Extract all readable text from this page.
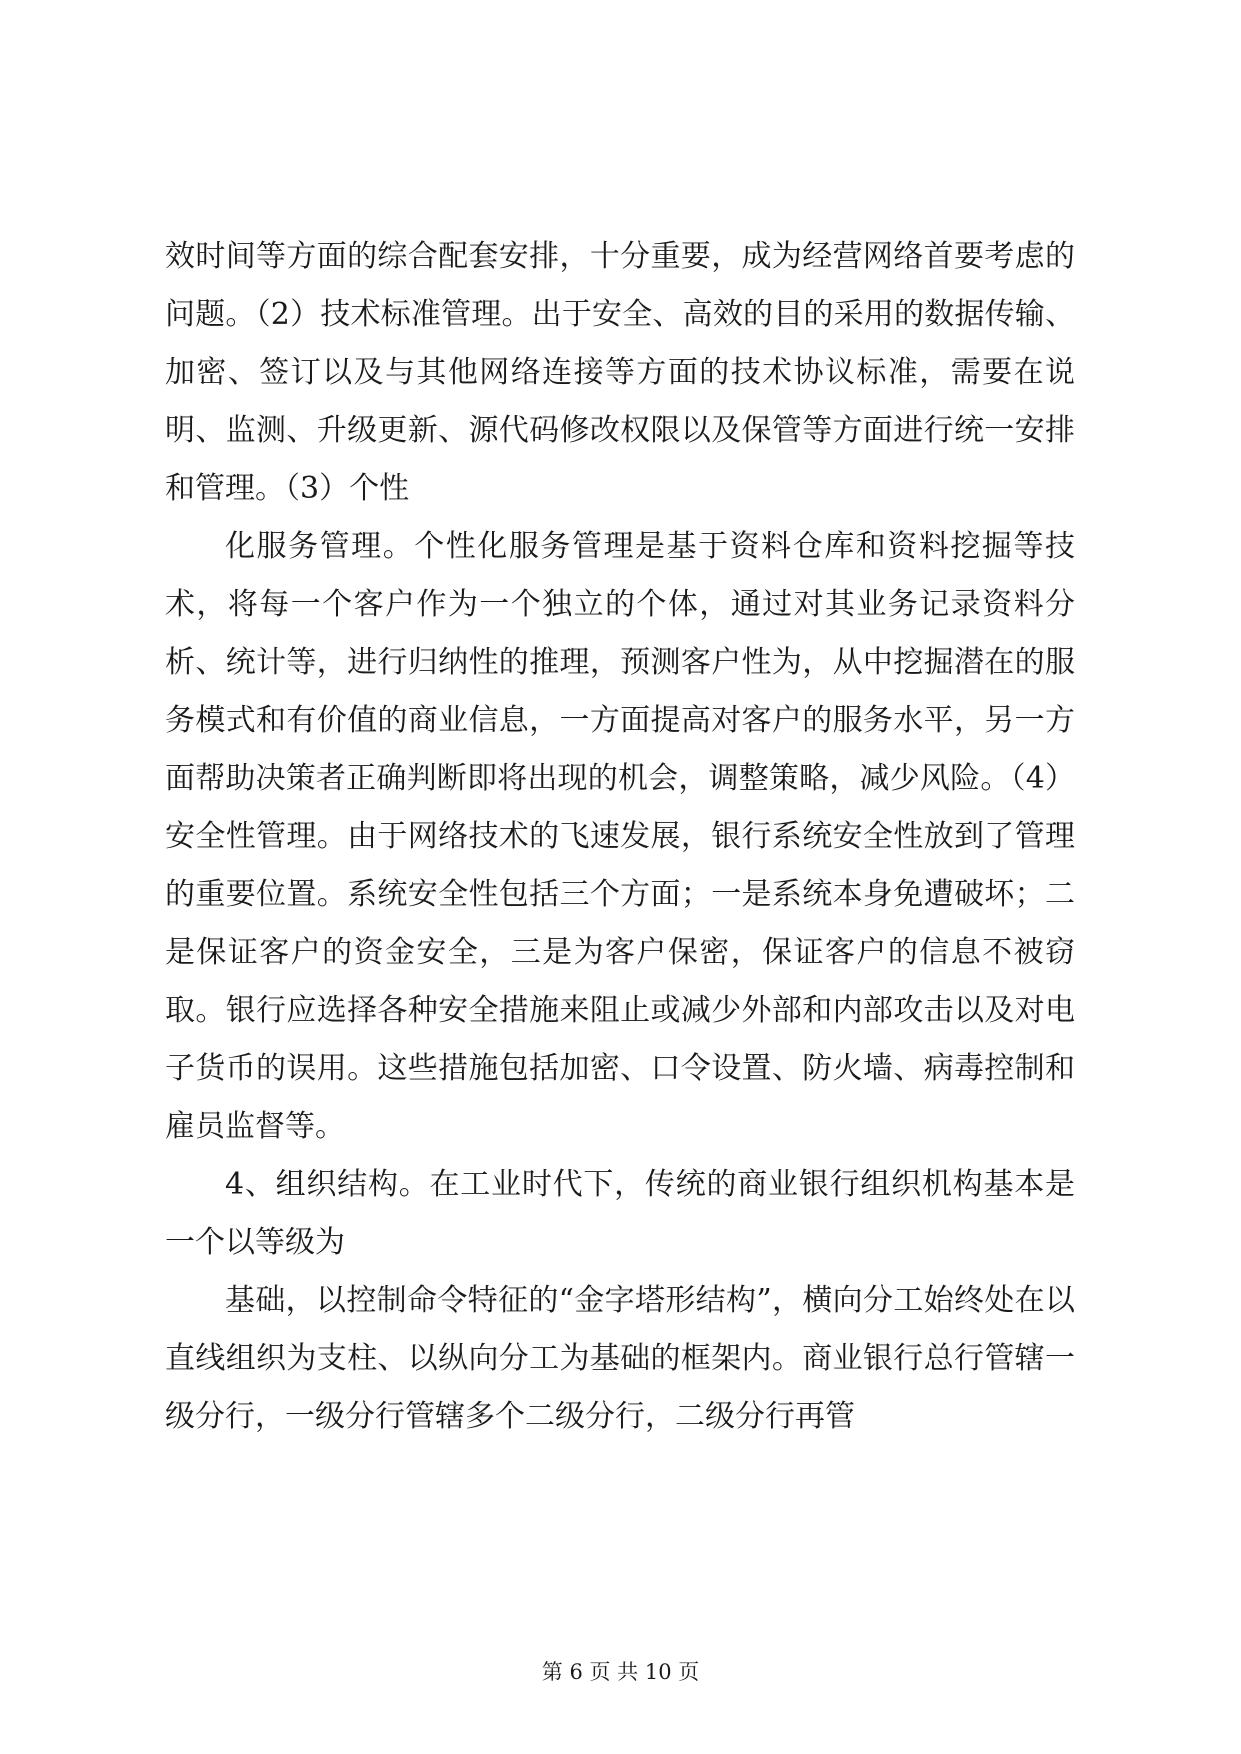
效时间等方面的综合配套安排，十分重要，成为经营网络首要考虑的问题。（2）技术标准管理。出于安全、高效的目的采用的数据传输、加密、签订以及与其他网络连接等方面的技术协议标准，需要在说明、监测、升级更新、源代码修改权限以及保管等方面进行统一安排和管理。（3）个性

化服务管理。个性化服务管理是基于资料仓库和资料挖掘等技术，将每一个客户作为一个独立的个体，通过对其业务记录资料分析、统计等，进行归纳性的推理，预测客户性为，从中挖掘潜在的服务模式和有价值的商业信息，一方面提高对客户的服务水平，另一方面帮助决策者正确判断即将出现的机会，调整策略，减少风险。（4）安全性管理。由于网络技术的飞速发展，银行系统安全性放到了管理的重要位置。系统安全性包括三个方面；一是系统本身免遭破坏；二是保证客户的资金安全，三是为客户保密，保证客户的信息不被窃取。银行应选择各种安全措施来阻止或减少外部和内部攻击以及对电子货币的误用。这些措施包括加密、口令设置、防火墙、病毒控制和雇员监督等。

4、组织结构。在工业时代下，传统的商业银行组织机构基本是一个以等级为

基础，以控制命令特征的“金字塔形结构”，横向分工始终处在以直线组织为支柱、以纵向分工为基础的框架内。商业银行总行管辖一级分行，一级分行管辖多个二级分行，二级分行再管

第 6 页 共 10 页
